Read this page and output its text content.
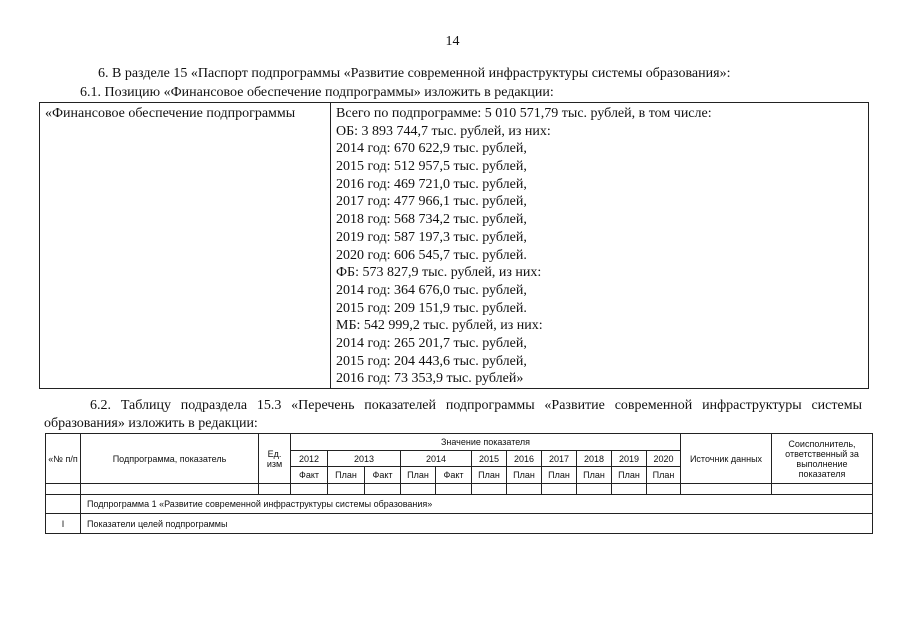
14
6. В разделе 15 «Паспорт подпрограммы «Развитие современной инфраструктуры системы образования»:
6.1. Позицию «Финансовое обеспечение подпрограммы» изложить в редакции:
«Финансовое обеспечение подпрограммы	Всего по подпрограмме: 5 010 571,79 тыс. рублей, в том числе:
ОБ: 3 893 744,7 тыс. рублей, из них:
2014 год: 670 622,9 тыс. рублей,
2015 год: 512 957,5 тыс. рублей,
2016 год: 469 721,0 тыс. рублей,
2017 год: 477 966,1 тыс. рублей,
2018 год: 568 734,2 тыс. рублей,
2019 год: 587 197,3 тыс. рублей,
2020 год: 606 545,7 тыс. рублей.
ФБ: 573 827,9 тыс. рублей, из них:
2014 год: 364 676,0 тыс. рублей,
2015 год: 209 151,9 тыс. рублей.
МБ: 542 999,2 тыс. рублей, из них:
2014 год: 265 201,7 тыс. рублей,
2015 год: 204 443,6 тыс. рублей,
2016 год: 73 353,9 тыс. рублей»
6.2. Таблицу подраздела 15.3 «Перечень показателей подпрограммы «Развитие современной инфраструктуры системы образования» изложить в редакции:
«№ п/п	Подпрограмма, показатель	Ед. изм	Значение показателя											Источник данных	Соисполнитель, ответственный за выполнение показателя
			2012	2013		2014		2015	2016	2017	2018	2019	2020		
			Факт	План	Факт	План	Факт	План	План	План	План	План	План		

	Подпрограмма 1 «Развитие современной инфраструктуры системы образования»														
I	Показатели целей подпрограммы														
